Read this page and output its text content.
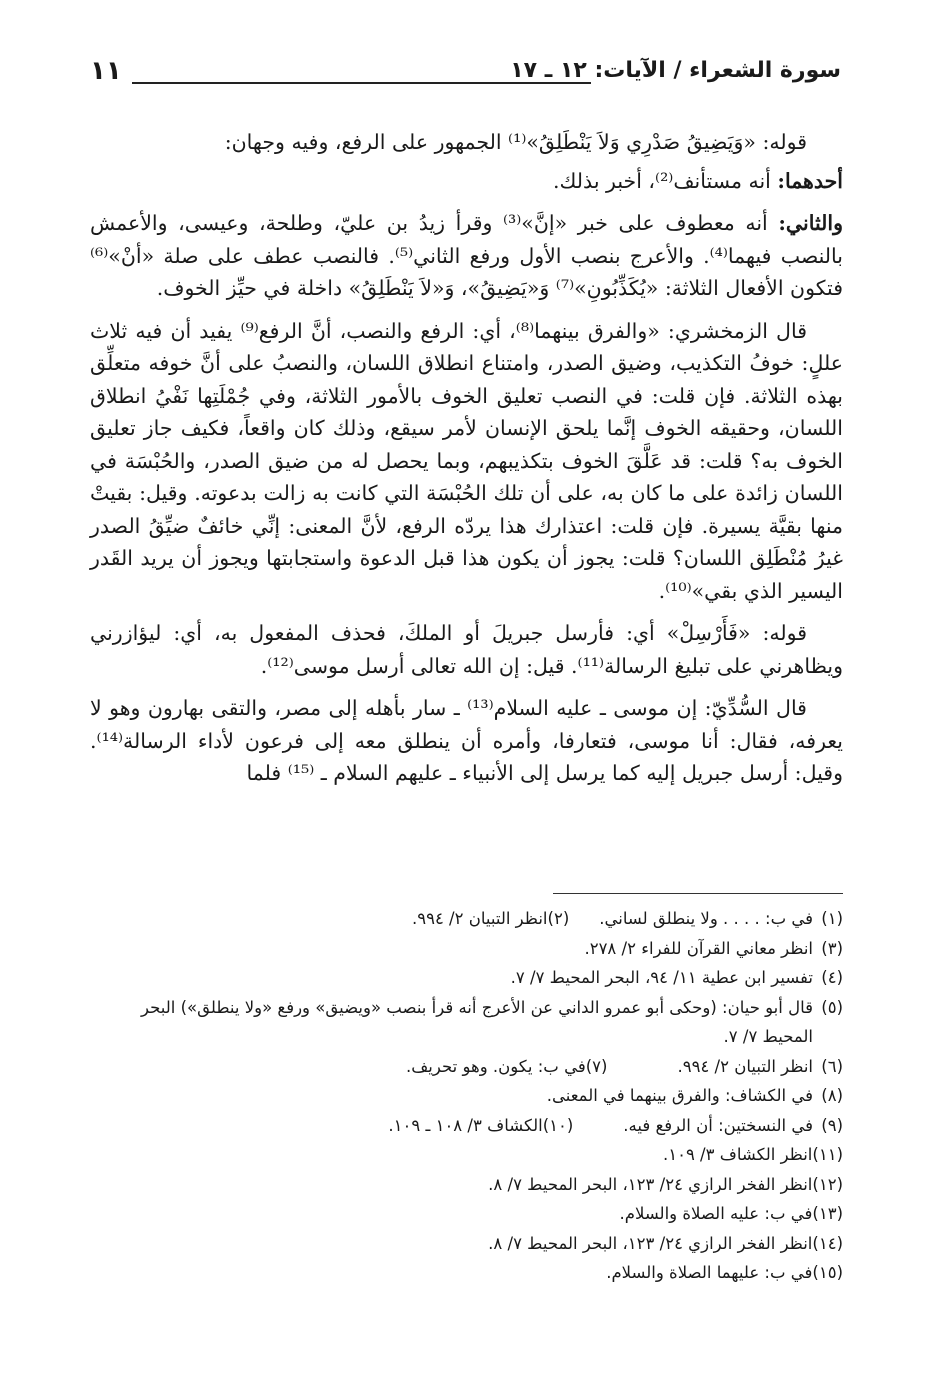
سورة الشعراء / الآيات: ١٢ ـ ١٧
١١

قوله: «وَيَضِيقُ صَدْرِي وَلاَ يَنْطَلِقُ»⁽¹⁾ الجمهور على الرفع، وفيه وجهان:

أحدهما: أنه مستأنف⁽²⁾، أخبر بذلك.

والثاني: أنه معطوف على خبر «إنَّ»⁽³⁾ وقرأ زيدُ بن عليّ، وطلحة، وعيسى، والأعمش بالنصب فيهما⁽⁴⁾. والأعرج بنصب الأول ورفع الثاني⁽⁵⁾. فالنصب عطف على صلة «أنْ»⁽⁶⁾ فتكون الأفعال الثلاثة: «يُكَذِّبُونِ»⁽⁷⁾ وَ«يَضِيقُ»، وَ«لاَ يَنْطَلِقُ» داخلة في حيِّز الخوف.

قال الزمخشري: «والفرق بينهما⁽⁸⁾، أي: الرفع والنصب، أنَّ الرفع⁽⁹⁾ يفيد أن فيه ثلاث عللٍ: خوفُ التكذيب، وضيق الصدر، وامتناع انطلاق اللسان، والنصبُ على أنَّ خوفه متعلِّق بهذه الثلاثة. فإن قلت: في النصب تعليق الخوف بالأمور الثلاثة، وفي جُمْلَتِها نَفْيُ انطلاق اللسان، وحقيقه الخوف إنَّما يلحق الإنسان لأمر سيقع، وذلك كان واقعاً، فكيف جاز تعليق الخوف به؟ قلت: قد عَلَّقَ الخوف بتكذيبهم، وبما يحصل له من ضيق الصدر، والحُبْسَة في اللسان زائدة على ما كان به، على أن تلك الحُبْسَة التي كانت به زالت بدعوته. وقيل: بقيتْ منها بقيَّة يسيرة. فإن قلت: اعتذارك هذا يردّه الرفع، لأنَّ المعنى: إنِّي خائفٌ ضيِّقُ الصدر غيرُ مُنْطَلِق اللسان؟ قلت: يجوز أن يكون هذا قبل الدعوة واستجابتها ويجوز أن يريد القَدر اليسير الذي بقي»⁽¹⁰⁾.

قوله: «فَأَرْسِلْ» أي: فأرسل جبريلَ أو الملكَ، فحذف المفعول به، أي: ليؤازرني ويظاهرني على تبليغ الرسالة⁽¹¹⁾. قيل: إن الله تعالى أرسل موسى⁽¹²⁾.

قال السُّدِّيّ: إن موسى ـ عليه السلام⁽¹³⁾ ـ سار بأهله إلى مصر، والتقى بهارون وهو لا يعرفه، فقال: أنا موسى، فتعارفا، وأمره أن ينطلق معه إلى فرعون لأداء الرسالة⁽¹⁴⁾. وقيل: أرسل جبريل إليه كما يرسل إلى الأنبياء ـ عليهم السلام ـ ⁽¹⁵⁾ فلما

(١)
في ب: . . . . ولا ينطلق لساني.
(٢)
انظر التبيان ٢/ ٩٩٤.
(٣)
انظر معاني القرآن للفراء ٢/ ٢٧٨.
(٤)
تفسير ابن عطية ١١/ ٩٤، البحر المحيط ٧/ ٧.
(٥)
قال أبو حيان: (وحكى أبو عمرو الداني عن الأعرج أنه قرأ بنصب «ويضيق» ورفع «ولا ينطلق») البحر المحيط ٧/ ٧.
(٦)
انظر التبيان ٢/ ٩٩٤.
(٧)
في ب: يكون. وهو تحريف.
(٨)
في الكشاف: والفرق بينهما في المعنى.
(٩)
في النسختين: أن الرفع فيه.
(١٠)
الكشاف ٣/ ١٠٨ ـ ١٠٩.
(١١)
انظر الكشاف ٣/ ١٠٩.
(١٢)
انظر الفخر الرازي ٢٤/ ١٢٣، البحر المحيط ٧/ ٨.
(١٣)
في ب: عليه الصلاة والسلام.
(١٤)
انظر الفخر الرازي ٢٤/ ١٢٣، البحر المحيط ٧/ ٨.
(١٥)
في ب: عليهما الصلاة والسلام.
